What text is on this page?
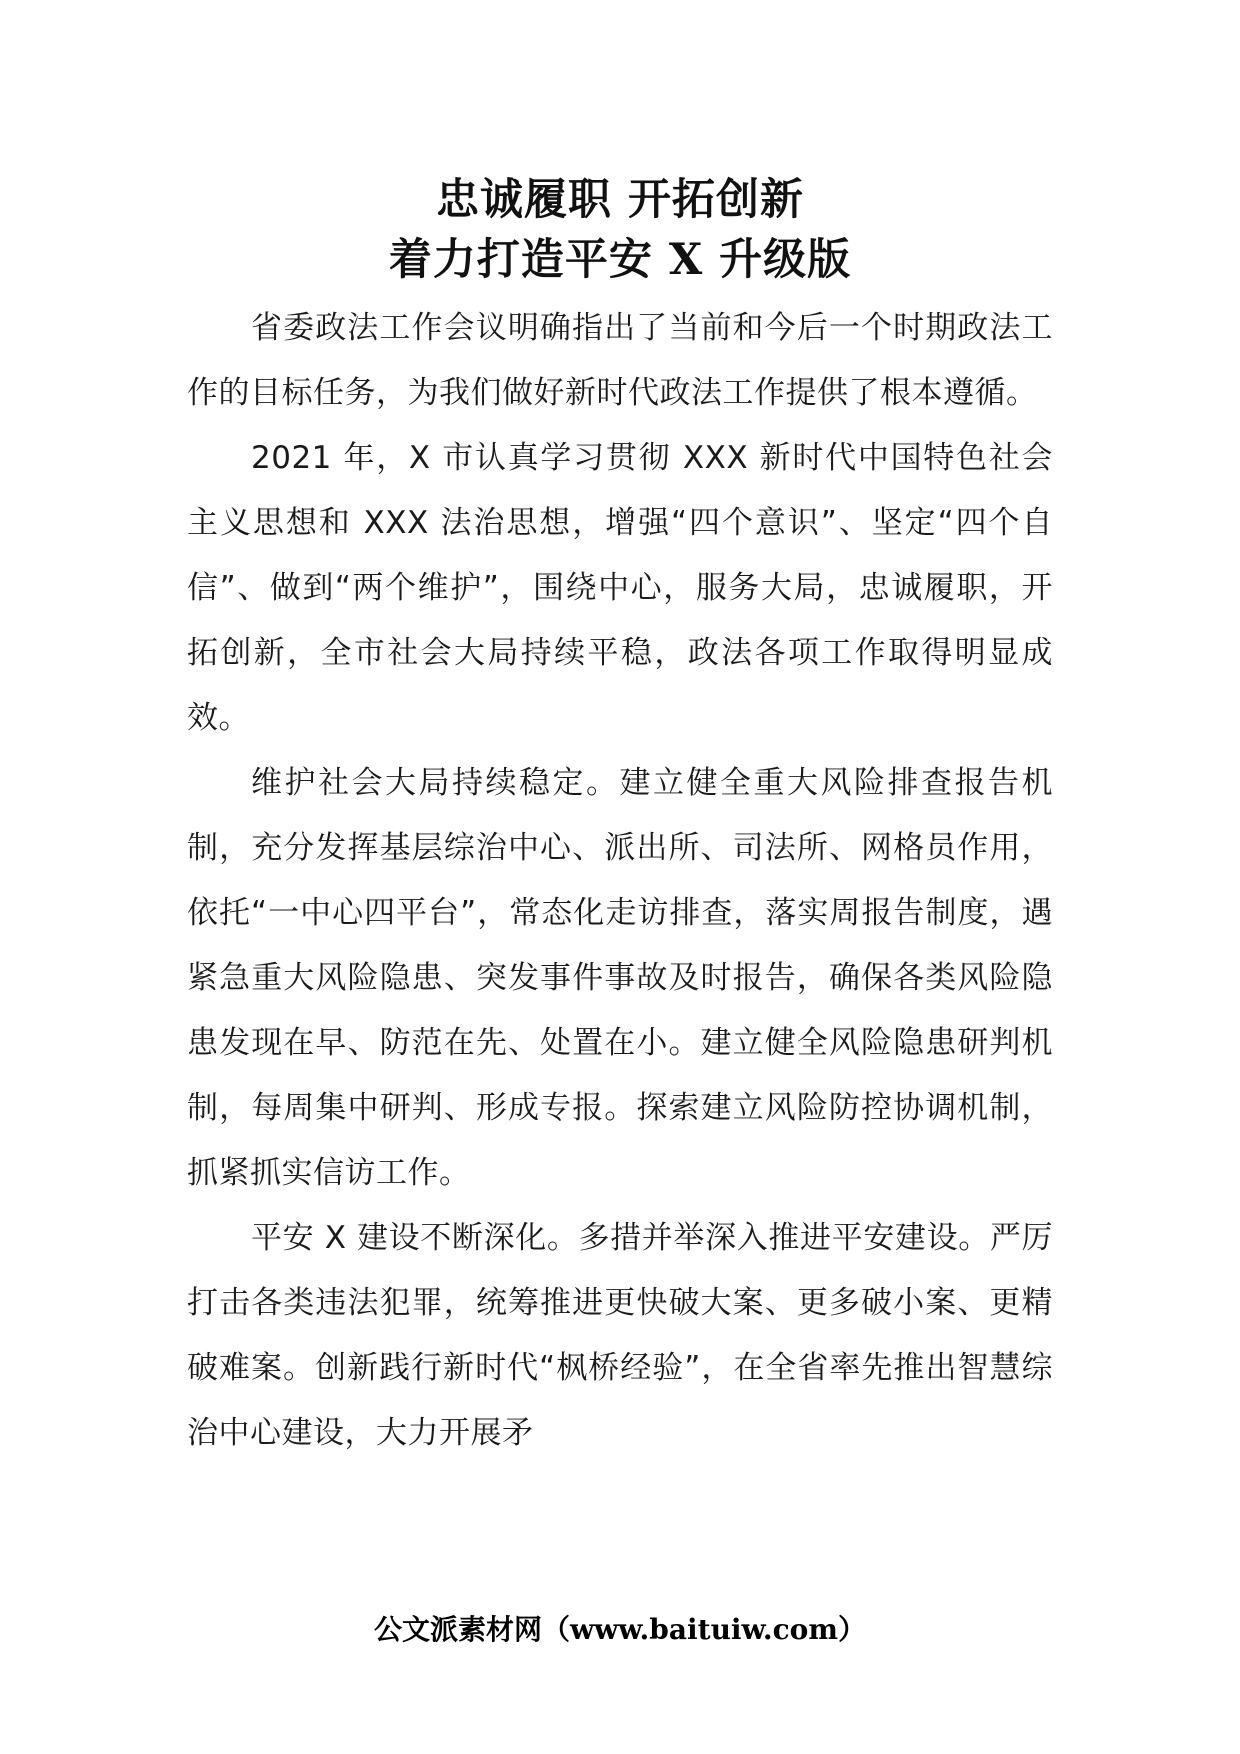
忠诚履职 开拓创新
着力打造平安 X 升级版

省委政法工作会议明确指出了当前和今后一个时期政法工作的目标任务，为我们做好新时代政法工作提供了根本遵循。

2021 年，X 市认真学习贯彻 XXX 新时代中国特色社会主义思想和 XXX 法治思想，增强“四个意识”、坚定“四个自信”、做到“两个维护”，围绕中心，服务大局，忠诚履职，开拓创新，全市社会大局持续平稳，政法各项工作取得明显成效。

维护社会大局持续稳定。建立健全重大风险排查报告机制，充分发挥基层综治中心、派出所、司法所、网格员作用，依托“一中心四平台”，常态化走访排查，落实周报告制度，遇紧急重大风险隐患、突发事件事故及时报告，确保各类风险隐患发现在早、防范在先、处置在小。建立健全风险隐患研判机制，每周集中研判、形成专报。探索建立风险防控协调机制，抓紧抓实信访工作。

平安 X 建设不断深化。多措并举深入推进平安建设。严厉打击各类违法犯罪，统筹推进更快破大案、更多破小案、更精破难案。创新践行新时代“枫桥经验”，在全省率先推出智慧综治中心建设，大力开展矛

公文派素材网（www.baituiw.com）
